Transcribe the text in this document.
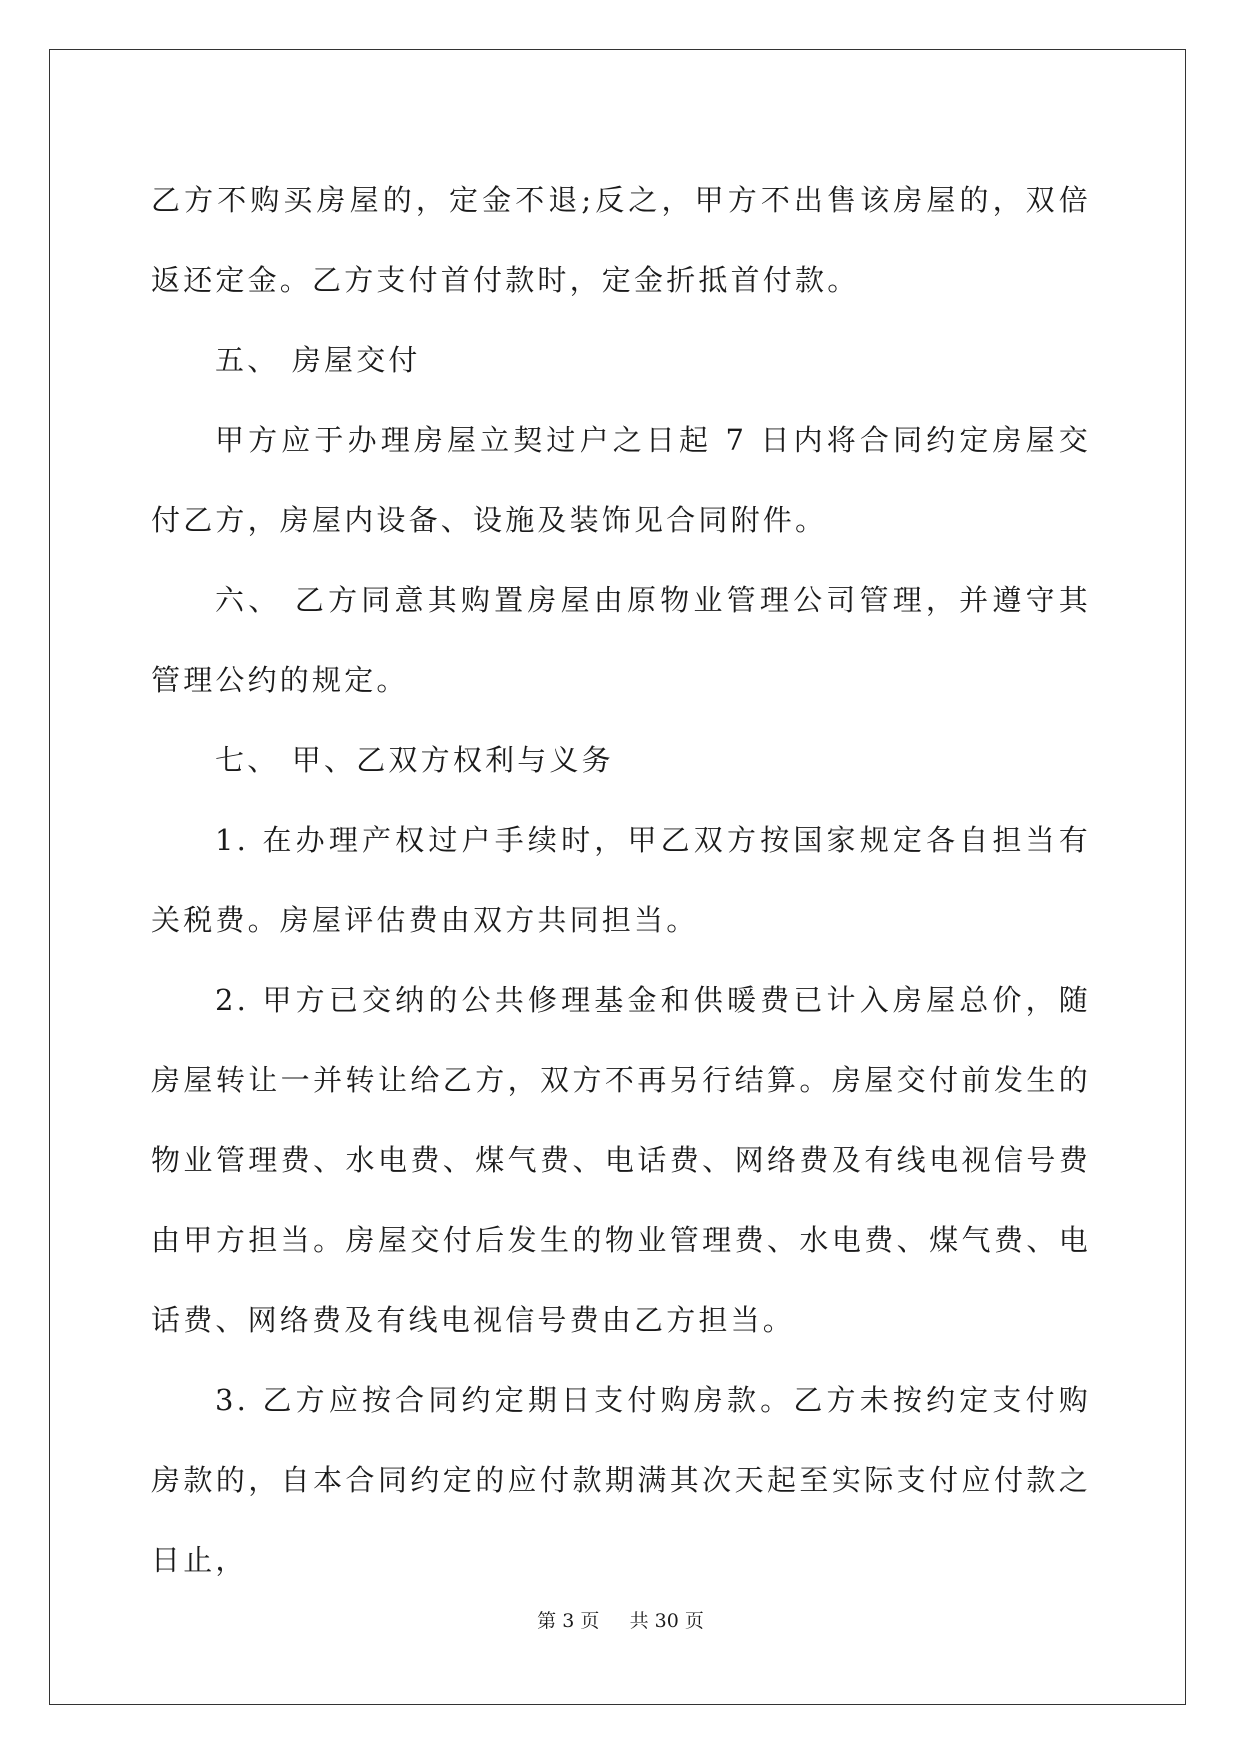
乙方不购买房屋的，定金不退;反之，甲方不出售该房屋的，双倍返还定金。乙方支付首付款时，定金折抵首付款。

五、 房屋交付

甲方应于办理房屋立契过户之日起 7 日内将合同约定房屋交付乙方，房屋内设备、设施及装饰见合同附件。

六、 乙方同意其购置房屋由原物业管理公司管理，并遵守其管理公约的规定。

七、 甲、乙双方权利与义务

1. 在办理产权过户手续时，甲乙双方按国家规定各自担当有关税费。房屋评估费由双方共同担当。

2. 甲方已交纳的公共修理基金和供暖费已计入房屋总价，随房屋转让一并转让给乙方，双方不再另行结算。房屋交付前发生的物业管理费、水电费、煤气费、电话费、网络费及有线电视信号费由甲方担当。房屋交付后发生的物业管理费、水电费、煤气费、电话费、网络费及有线电视信号费由乙方担当。

3. 乙方应按合同约定期日支付购房款。乙方未按约定支付购房款的，自本合同约定的应付款期满其次天起至实际支付应付款之日止，

第 3 页 共 30 页
